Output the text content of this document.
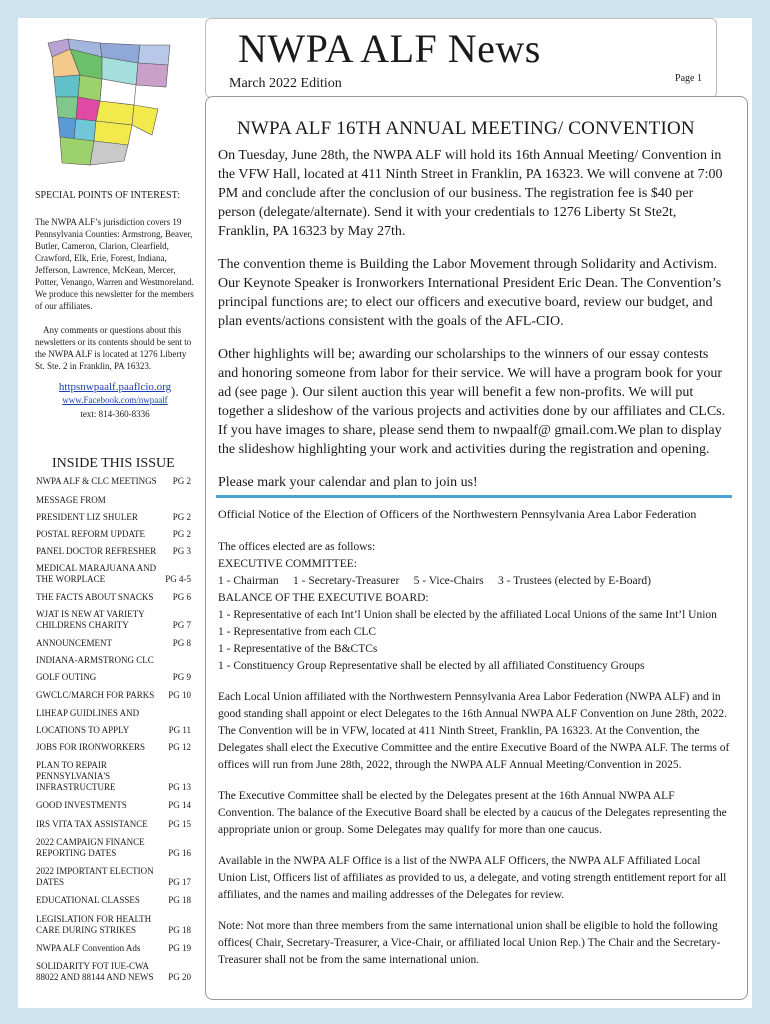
NWPA ALF News
March 2022 Edition	Page 1

SPECIAL POINTS OF INTEREST:

The NWPA ALF’s jurisdiction covers 19 Pennsylvania Counties: Armstrong, Beaver, Butler, Cameron, Clarion, Clearfield, Crawford, Elk, Erie, Forest, Indiana, Jefferson, Lawrence, McKean, Mercer, Potter, Venango, Warren and Westmoreland. We produce this newsletter for the members of our affiliates.

Any comments or questions about this newsletters or its contents should be sent to the NWPA ALF is located at 1276 Liberty St. Ste. 2 in Franklin, PA 16323.

httpsnwpaalf.paaflcio.org
www.Facebook.com/nwpaalf
text: 814-360-8336
INSIDE THIS ISSUE
NWPA ALF & CLC MEETINGS	PG 2
MESSAGE FROM
PRESIDENT LIZ SHULER	PG 2
POSTAL REFORM UPDATE	PG 2
PANEL DOCTOR REFRESHER	PG 3
MEDICAL MARAJUANA AND THE WORPLACE	PG 4-5
THE FACTS ABOUT SNACKS	PG 6
WJAT IS NEW AT VARIETY CHILDRENS CHARITY	PG 7
ANNOUNCEMENT	PG 8
INDIANA-ARMSTRONG CLC
GOLF OUTING	PG 9
GWCLC/MARCH FOR PARKS	PG 10
LIHEAP GUIDLINES AND
LOCATIONS TO APPLY	PG 11
JOBS FOR IRONWORKERS	PG 12
PLAN TO REPAIR PENNSYLVANIA'S INFRASTRUCTURE	PG 13
GOOD INVESTMENTS	PG 14
IRS VITA TAX ASSISTANCE	PG 15
2022 CAMPAIGN FINANCE REPORTING DATES	PG 16
2022 IMPORTANT ELECTION DATES	PG 17
EDUCATIONAL CLASSES	PG 18
LEGISLATION FOR HEALTH CARE DURING STRIKES	PG 18
NWPA ALF Convention Ads	PG 19
SOLIDARITY FOT IUE-CWA 88022 AND 88144 AND NEWS	PG 20
NWPA ALF 16TH ANNUAL MEETING/ CONVENTION

On Tuesday, June 28th, the NWPA ALF will hold its 16th Annual Meeting/ Convention in the VFW Hall, located at 411 Ninth Street in Franklin, PA 16323. We will convene at 7:00 PM and conclude after the conclusion of our business. The registration fee is $40 per person (delegate/alternate). Send it with your credentials to 1276 Liberty St Ste2t, Franklin, PA 16323 by May 27th.

The convention theme is Building the Labor Movement through Solidarity and Activism. Our Keynote Speaker is Ironworkers International President Eric Dean. The Convention’s principal functions are; to elect our officers and executive board, review our budget, and plan events/actions consistent with the goals of the AFL-CIO.

Other highlights will be; awarding our scholarships to the winners of our essay contests and honoring someone from labor for their service. We will have a program book for your ad (see page ). Our silent auction this year will benefit a few non-profits. We will put together a slideshow of the various projects and activities done by our affiliates and CLCs. If you have images to share, please send them to nwpaalf@ gmail.com.We plan to display the slideshow highlighting your work and activities during the registration and opening.

Please mark your calendar and plan to join us!

Official Notice of the Election of Officers of the Northwestern Pennsylvania Area Labor Federation

The offices elected are as follows:
EXECUTIVE COMMITTEE:
1 - Chairman     1 - Secretary-Treasurer     5 - Vice-Chairs     3 - Trustees (elected by E-Board)
BALANCE OF THE EXECUTIVE BOARD:
1 - Representative of each Int’l Union shall be elected by the affiliated Local Unions of the same Int’l Union
1 - Representative from each CLC
1 - Representative of the B&CTCs
1 - Constituency Group Representative shall be elected by all affiliated Constituency Groups

Each Local Union affiliated with the Northwestern Pennsylvania Area Labor Federation (NWPA ALF) and in good standing shall appoint or elect Delegates to the 16th Annual NWPA ALF Convention on June 28th, 2022. The Convention will be in VFW, located at 411 Ninth Street, Franklin, PA 16323. At the Convention, the Delegates shall elect the Executive Committee and the entire Executive Board of the NWPA ALF. The terms of offices will run from June 28th, 2022, through the NWPA ALF Annual Meeting/Convention in 2025.

The Executive Committee shall be elected by the Delegates present at the 16th Annual NWPA ALF Convention. The balance of the Executive Board shall be elected by a caucus of the Delegates representing the appropriate union or group. Some Delegates may qualify for more than one caucus.

Available in the NWPA ALF Office is a list of the NWPA ALF Officers, the NWPA ALF Affiliated Local Union List, Officers list of affiliates as provided to us, a delegate, and voting strength entitlement report for all affiliates, and the names and mailing addresses of the Delegates for review.

Note: Not more than three members from the same international union shall be eligible to hold the following offices( Chair, Secretary-Treasurer, a Vice-Chair, or affiliated local Union Rep.) The Chair and the Secretary-Treasurer shall not be from the same international union.
